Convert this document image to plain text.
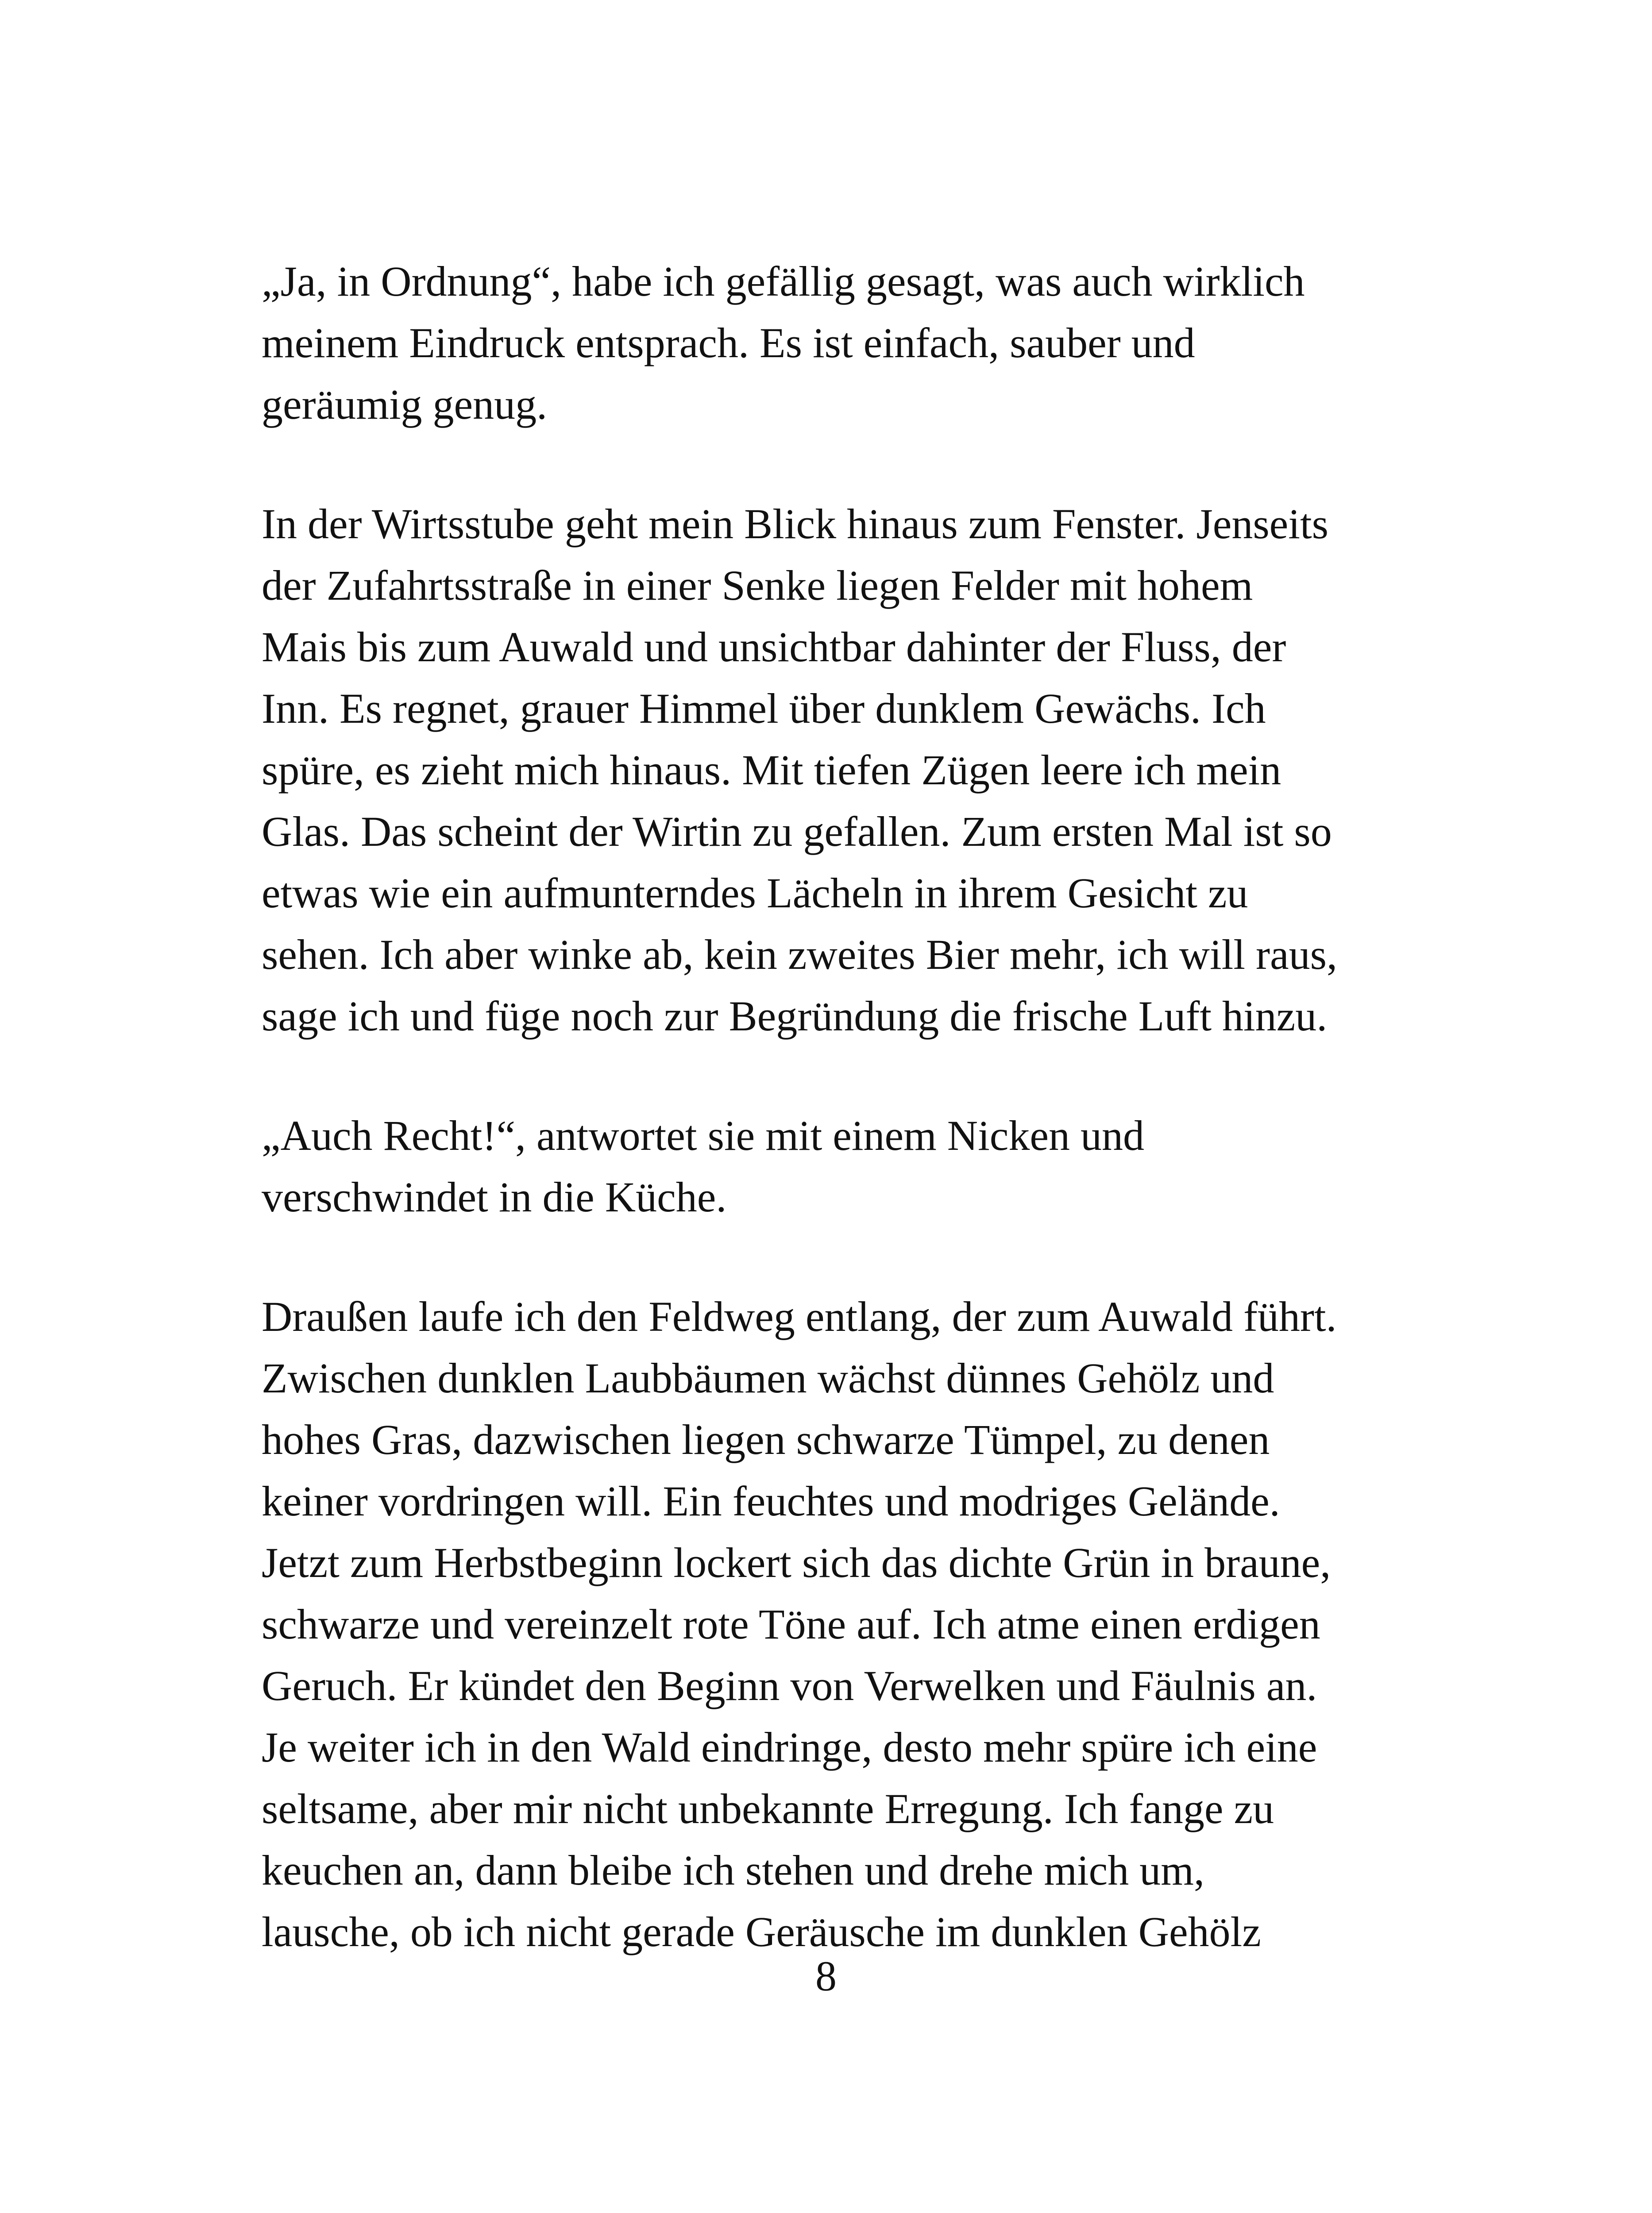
„Ja, in Ordnung“, habe ich gefällig gesagt, was auch wirklich
meinem Eindruck entsprach. Es ist einfach, sauber und
geräumig genug.

In der Wirtsstube geht mein Blick hinaus zum Fenster. Jenseits
der Zufahrtsstraße in einer Senke liegen Felder mit hohem
Mais bis zum Auwald und unsichtbar dahinter der Fluss, der
Inn. Es regnet, grauer Himmel über dunklem Gewächs. Ich
spüre, es zieht mich hinaus. Mit tiefen Zügen leere ich mein
Glas. Das scheint der Wirtin zu gefallen. Zum ersten Mal ist so
etwas wie ein aufmunterndes Lächeln in ihrem Gesicht zu
sehen. Ich aber winke ab, kein zweites Bier mehr, ich will raus,
sage ich und füge noch zur Begründung die frische Luft hinzu.

„Auch Recht!“, antwortet sie mit einem Nicken und
verschwindet in die Küche.

Draußen laufe ich den Feldweg entlang, der zum Auwald führt.
Zwischen dunklen Laubbäumen wächst dünnes Gehölz und
hohes Gras, dazwischen liegen schwarze Tümpel, zu denen
keiner vordringen will. Ein feuchtes und modriges Gelände.
Jetzt zum Herbstbeginn lockert sich das dichte Grün in braune,
schwarze und vereinzelt rote Töne auf. Ich atme einen erdigen
Geruch. Er kündet den Beginn von Verwelken und Fäulnis an.
Je weiter ich in den Wald eindringe, desto mehr spüre ich eine
seltsame, aber mir nicht unbekannte Erregung. Ich fange zu
keuchen an, dann bleibe ich stehen und drehe mich um,
lausche, ob ich nicht gerade Geräusche im dunklen Gehölz

8
